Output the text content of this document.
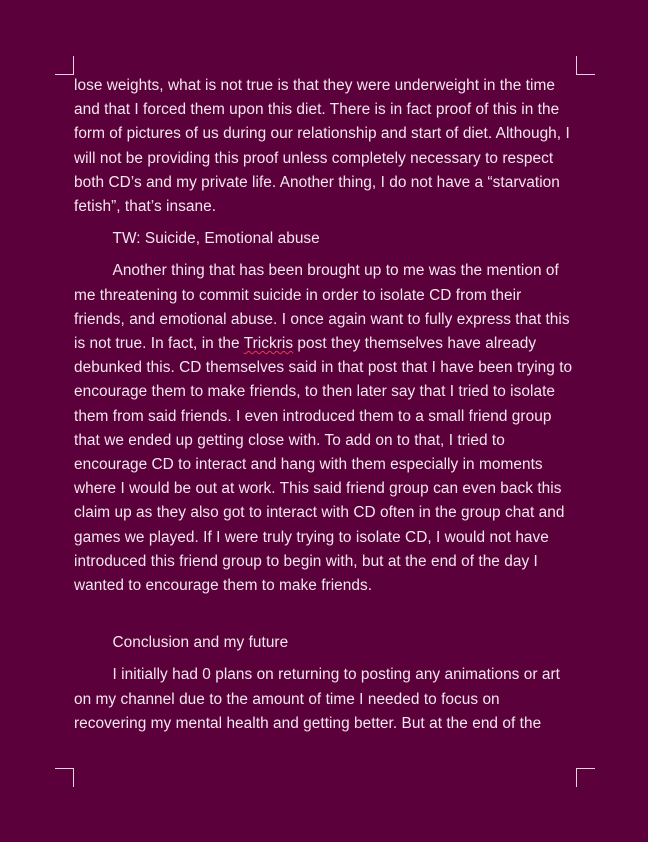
lose weights, what is not true is that they were underweight in the time and that I forced them upon this diet. There is in fact proof of this in the form of pictures of us during our relationship and start of diet. Although, I will not be providing this proof unless completely necessary to respect both CD’s and my private life. Another thing, I do not have a “starvation fetish”, that’s insane.

TW: Suicide, Emotional abuse

Another thing that has been brought up to me was the mention of me threatening to commit suicide in order to isolate CD from their friends, and emotional abuse. I once again want to fully express that this is not true. In fact, in the Trickris post they themselves have already debunked this. CD themselves said in that post that I have been trying to encourage them to make friends, to then later say that I tried to isolate them from said friends. I even introduced them to a small friend group that we ended up getting close with. To add on to that, I tried to encourage CD to interact and hang with them especially in moments where I would be out at work. This said friend group can even back this claim up as they also got to interact with CD often in the group chat and games we played. If I were truly trying to isolate CD, I would not have introduced this friend group to begin with, but at the end of the day I wanted to encourage them to make friends.

Conclusion and my future

I initially had 0 plans on returning to posting any animations or art on my channel due to the amount of time I needed to focus on recovering my mental health and getting better. But at the end of the
